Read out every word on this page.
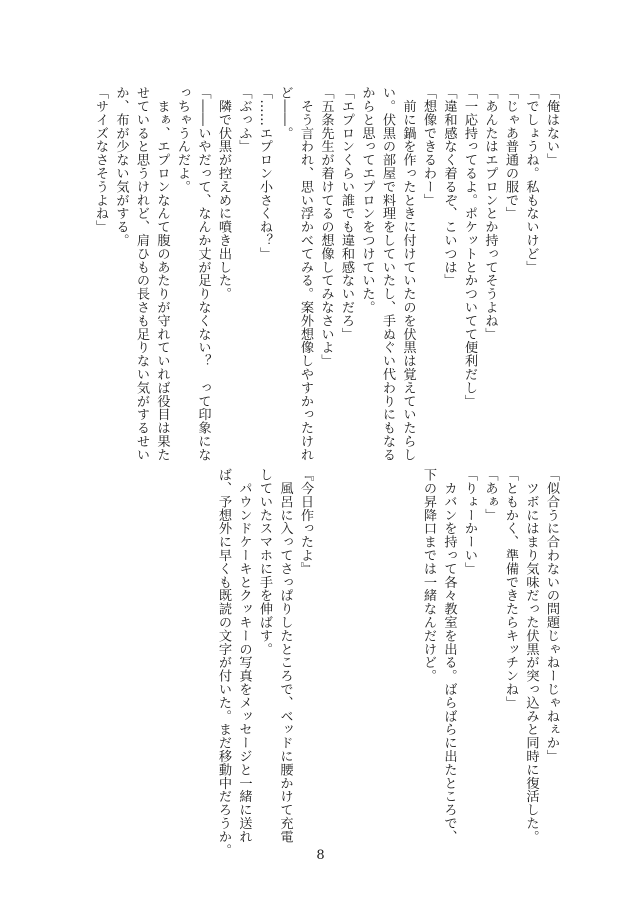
「俺はない」
「でしょうね。私もないけど」
「じゃあ普通の服で」
「あんたはエプロンとか持ってそうよね」
「一応持ってるよ。ポケットとかついてて便利だし」
「違和感なく着るぞ、こいつは」
「想像できるわー」
　前に鍋を作ったときに付けていたのを伏黒は覚えていたらし
い。伏黒の部屋で料理をしていたし、手ぬぐい代わりにもなる
からと思ってエプロンをつけていた。
「エプロンくらい誰でも違和感ないだろ」
「五条先生が着けてるの想像してみなさいよ」
　そう言われ、思い浮かべてみる。案外想像しやすかったけれ
ど――。
「……エプロン小さくね？」
「ぶっふ」
　隣で伏黒が控えめに噴き出した。
「――いやだって、なんか丈が足りなくない？　って印象にな
っちゃうんだよ。
　まぁ、エプロンなんて腹のあたりが守れていれば役目は果た
せていると思うけれど、肩ひもの長さも足りない気がするせい
か、布が少ない気がする。
「サイズなさそうよね」
「似合うに合わないの問題じゃねーじゃねぇか」
　ツボにはまり気味だった伏黒が突っ込みと同時に復活した。
「ともかく、準備できたらキッチンね」
「あぁ」
「りょーかーい」
　カバンを持って各々教室を出る。ばらばらに出たところで、
下の昇降口までは一緒なんだけど。

『今日作ったよ』
　風呂に入ってさっぱりしたところで、ベッドに腰かけて充電
していたスマホに手を伸ばす。
　パウンドケーキとクッキーの写真をメッセージと一緒に送れ
ば、予想外に早くも既読の文字が付いた。まだ移動中だろうか。	8
